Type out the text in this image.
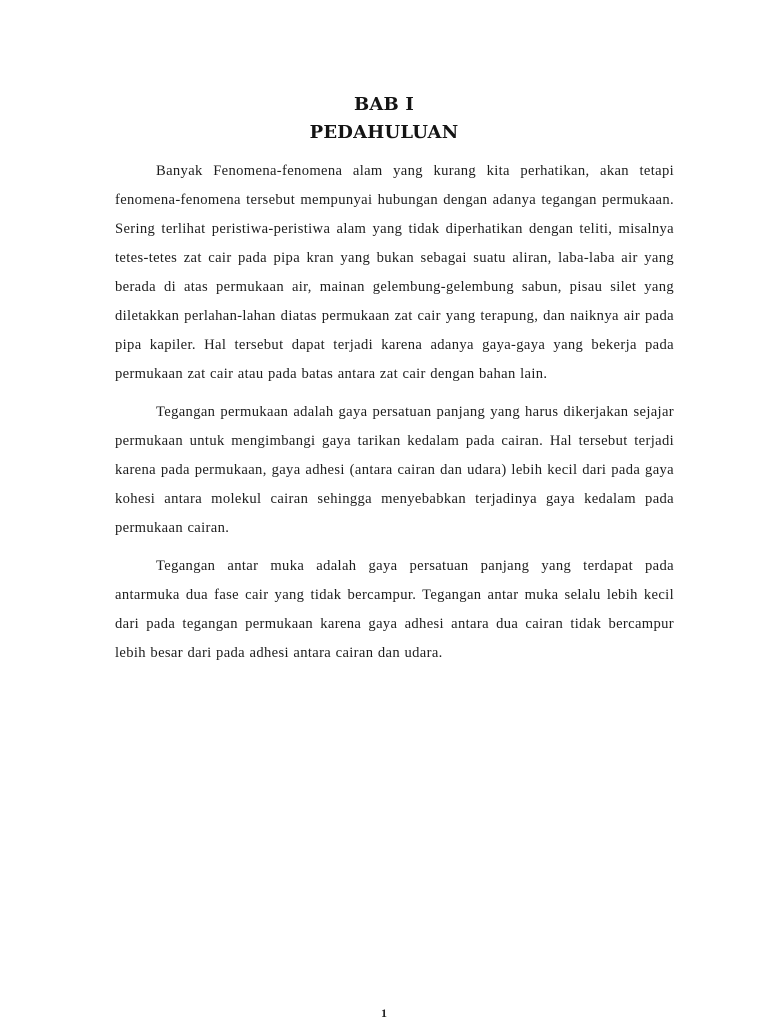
BAB I
PEDAHULUAN

Banyak Fenomena-fenomena alam yang kurang kita perhatikan, akan tetapi fenomena-fenomena tersebut mempunyai hubungan dengan adanya tegangan permukaan. Sering terlihat peristiwa-peristiwa alam yang tidak diperhatikan dengan teliti, misalnya tetes-tetes zat cair pada pipa kran yang bukan sebagai suatu aliran, laba-laba air yang berada di atas permukaan air, mainan gelembung-gelembung sabun, pisau silet yang diletakkan perlahan-lahan diatas permukaan zat cair yang terapung, dan naiknya air pada pipa kapiler. Hal tersebut dapat terjadi karena adanya gaya-gaya yang bekerja pada permukaan zat cair atau pada batas antara zat cair dengan bahan lain.

Tegangan permukaan adalah gaya persatuan panjang yang harus dikerjakan sejajar permukaan untuk mengimbangi gaya tarikan kedalam pada cairan. Hal tersebut terjadi karena pada permukaan, gaya adhesi (antara cairan dan udara) lebih kecil dari pada gaya kohesi antara molekul cairan sehingga menyebabkan terjadinya gaya kedalam pada permukaan cairan.

Tegangan antar muka adalah gaya persatuan panjang yang terdapat pada antarmuka dua fase cair yang tidak bercampur. Tegangan antar muka selalu lebih kecil dari pada tegangan permukaan karena gaya adhesi antara dua cairan tidak bercampur lebih besar dari pada adhesi antara cairan dan udara.

1
